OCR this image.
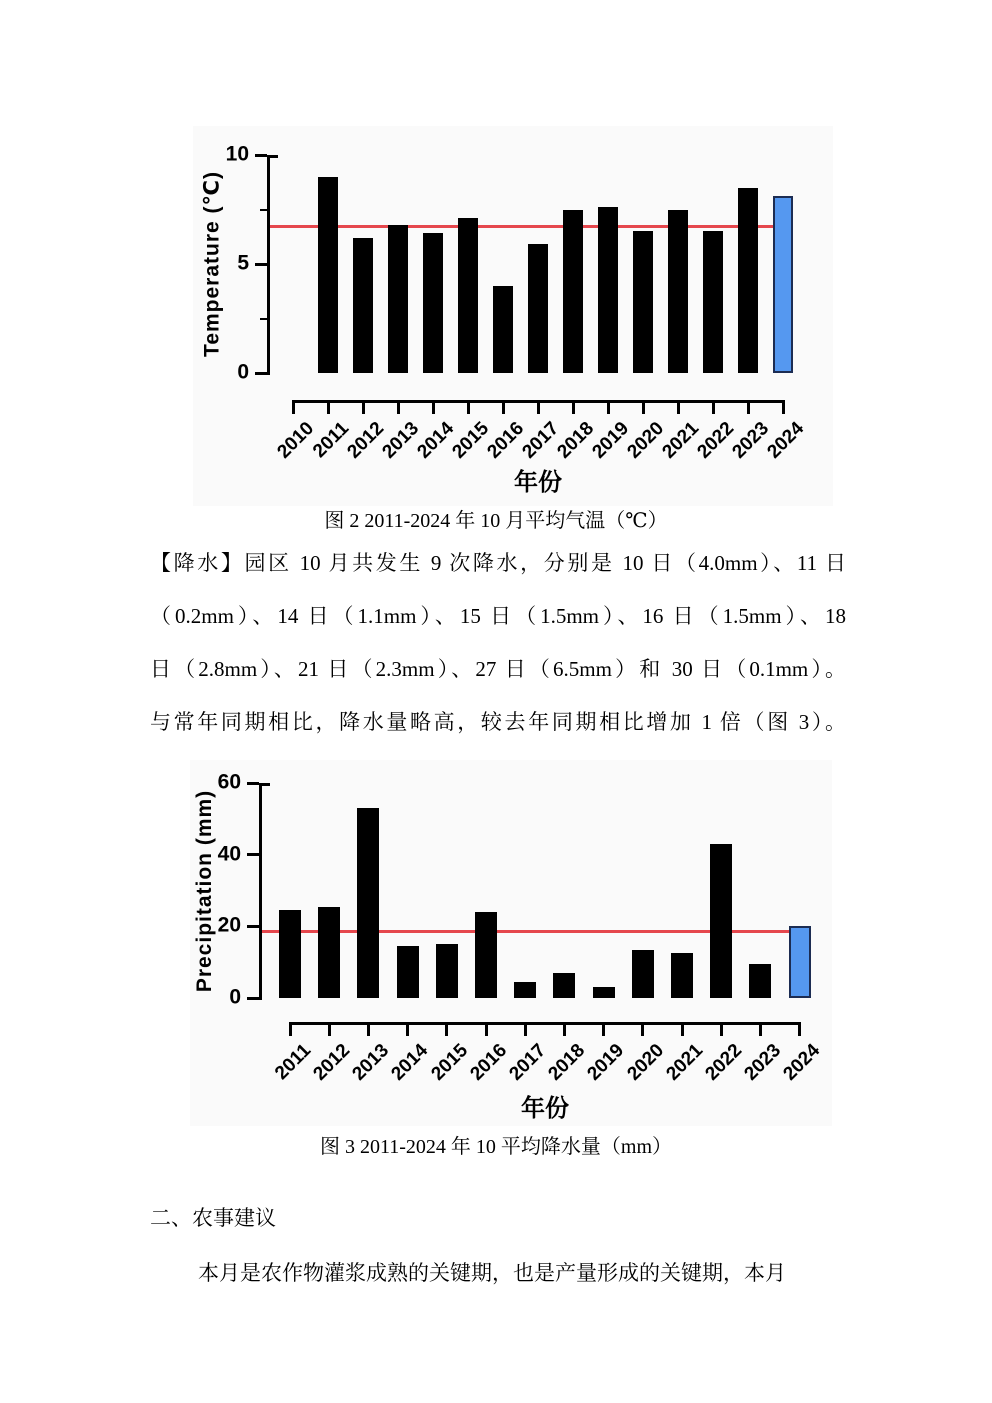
0
5
10
Temperature (℃)
2010
2011
2012
2013
2014
2015
2016
2017
2018
2019
2020
2021
2022
2023
2024
年份
图 2 2011-2024 年 10 月平均气温（℃）
【降水】园区 10 月共发生 9 次降水，分别是 10 日（4.0mm）、11 日
（0.2mm）、14 日（1.1mm）、15 日（1.5mm）、16 日（1.5mm）、18
日（2.8mm）、21 日（2.3mm）、27 日（6.5mm）和 30 日（0.1mm）。
与常年同期相比，降水量略高，较去年同期相比增加 1 倍（图 3）。
0
20
40
60
Precipitation (mm)
2011
2012
2013
2014
2015
2016
2017
2018
2019
2020
2021
2022
2023
2024
年份
图 3 2011-2024 年 10 平均降水量（mm）
二、农事建议
本月是农作物灌浆成熟的关键期，也是产量形成的关键期，本月
